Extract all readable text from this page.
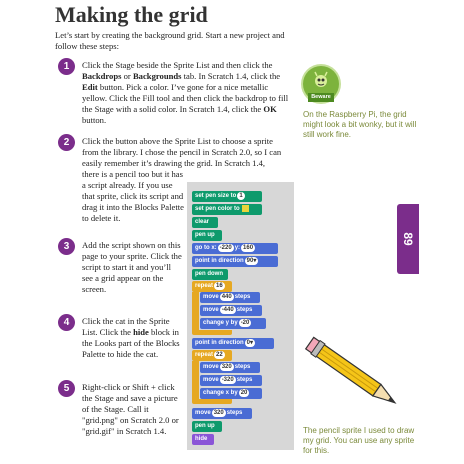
Making the grid
Let’s start by creating the background grid. Start a new project and follow these steps:
1	Click the Stage beside the Sprite List and then click the Backdrops or Backgrounds tab. In Scratch 1.4, click the Edit button. Pick a color. I’ve gone for a nice metallic yellow. Click the Fill tool and then click the backdrop to fill the Stage with a solid color. In Scratch 1.4, click the OK button.
2	Click the button above the Sprite List to choose a sprite from the library. I chose the pencil in Scratch 2.0, so I can easily remember it’s drawing the grid. In Scratch 1.4,
there is a pencil too but it has a script already. If you use that sprite, click its script and drag it into the Blocks Palette to delete it.
3	Add the script shown on this page to your sprite. Click the script to start it and you’ll see a grid appear on the screen.
4	Click the cat in the Sprite List. Click the hide block in the Looks part of the Blocks Palette to hide the cat.
5	Right-click or Shift + click the Stage and save a picture of the Stage. Call it "grid.png" on Scratch 2.0 or "grid.gif" in Scratch 1.4.
Beware
On the Raspberry Pi, the grid might look a bit wonky, but it will still work fine.
89
set pen size to 1
set pen color to
clear
pen up
go to x: -220 y: 160
point in direction 90▾
pen down
repeat 16
move 440 steps
move -440 steps
change y by -20
point in direction 0▾
repeat 22
move 320 steps
move -320 steps
change x by 20
move 320 steps
pen up
hide
The pencil sprite I used to draw my grid. You can use any sprite for this.
